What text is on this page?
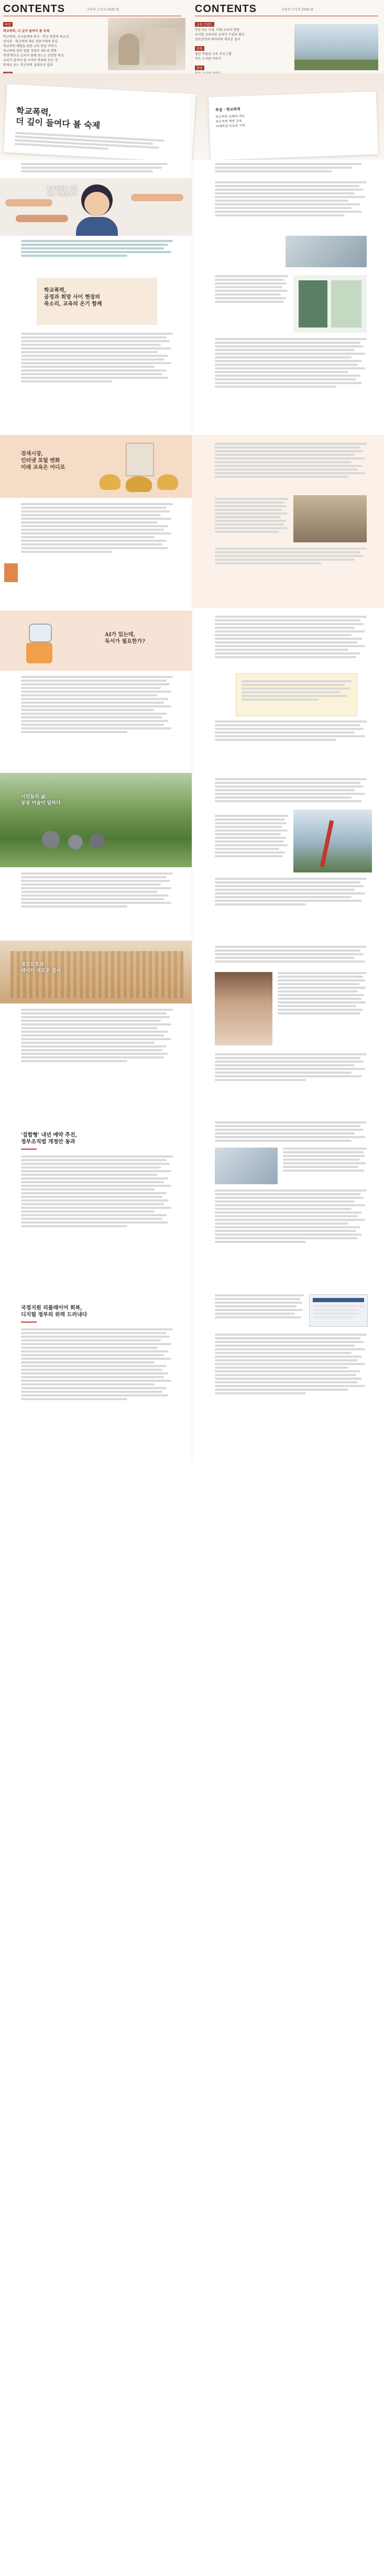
CONTENTS	교육부 소식지 2020 봄
특집
학교폭력, 더 깊이 들여다 볼 숙제
학교폭력, 교사들에게 묻다 · 학교 현장의 목소리
인터뷰 · 학교폭력 대응 전문가에게 듣다
학교폭력 예방을 위한 교육 현장 이야기
학교폭력 관련 법령 개정과 제도의 변화
학생·학부모·교사가 함께 만드는 안전한 학교
우리가 알아야 할 사이버 폭력의 모든 것
통계로 보는 학교폭력 실태조사 결과
CONTENTS	교육부 소식지 2020 봄
교육 트렌드
인공지능 시대, 미래 교육의 방향
디지털 교과서와 온라인 수업의 확산
정보보안과 데이터의 새로운 질서
문화
열린 박물관 교육 프로그램
작은 도서관 이야기
칼럼
학교폭력,
더 깊이 들여다 볼 숙제

특집 · 학교폭력
학교폭력 실태와 대응
학교폭력 예방 교육
피해학생 보호와 지원

학교폭력의 시작,
작은 무관심에서

학교폭력,
공정과 희망 사이 현장의
목소리, 교육의 온기 함께

검색시장,
인터넷 포털 변화
미래 교육은 어디로

AI가 있는데,
독서가 필요한가?

시민들의 삶,
공공 미술이 답하다

정보보호와
데이터 새로운 질서

'집합형' 내년 예약 추진,
정부조직법 개정안 동과

국정지원 리플레이어 회복,
디지털 정부의 위력 드러내다
